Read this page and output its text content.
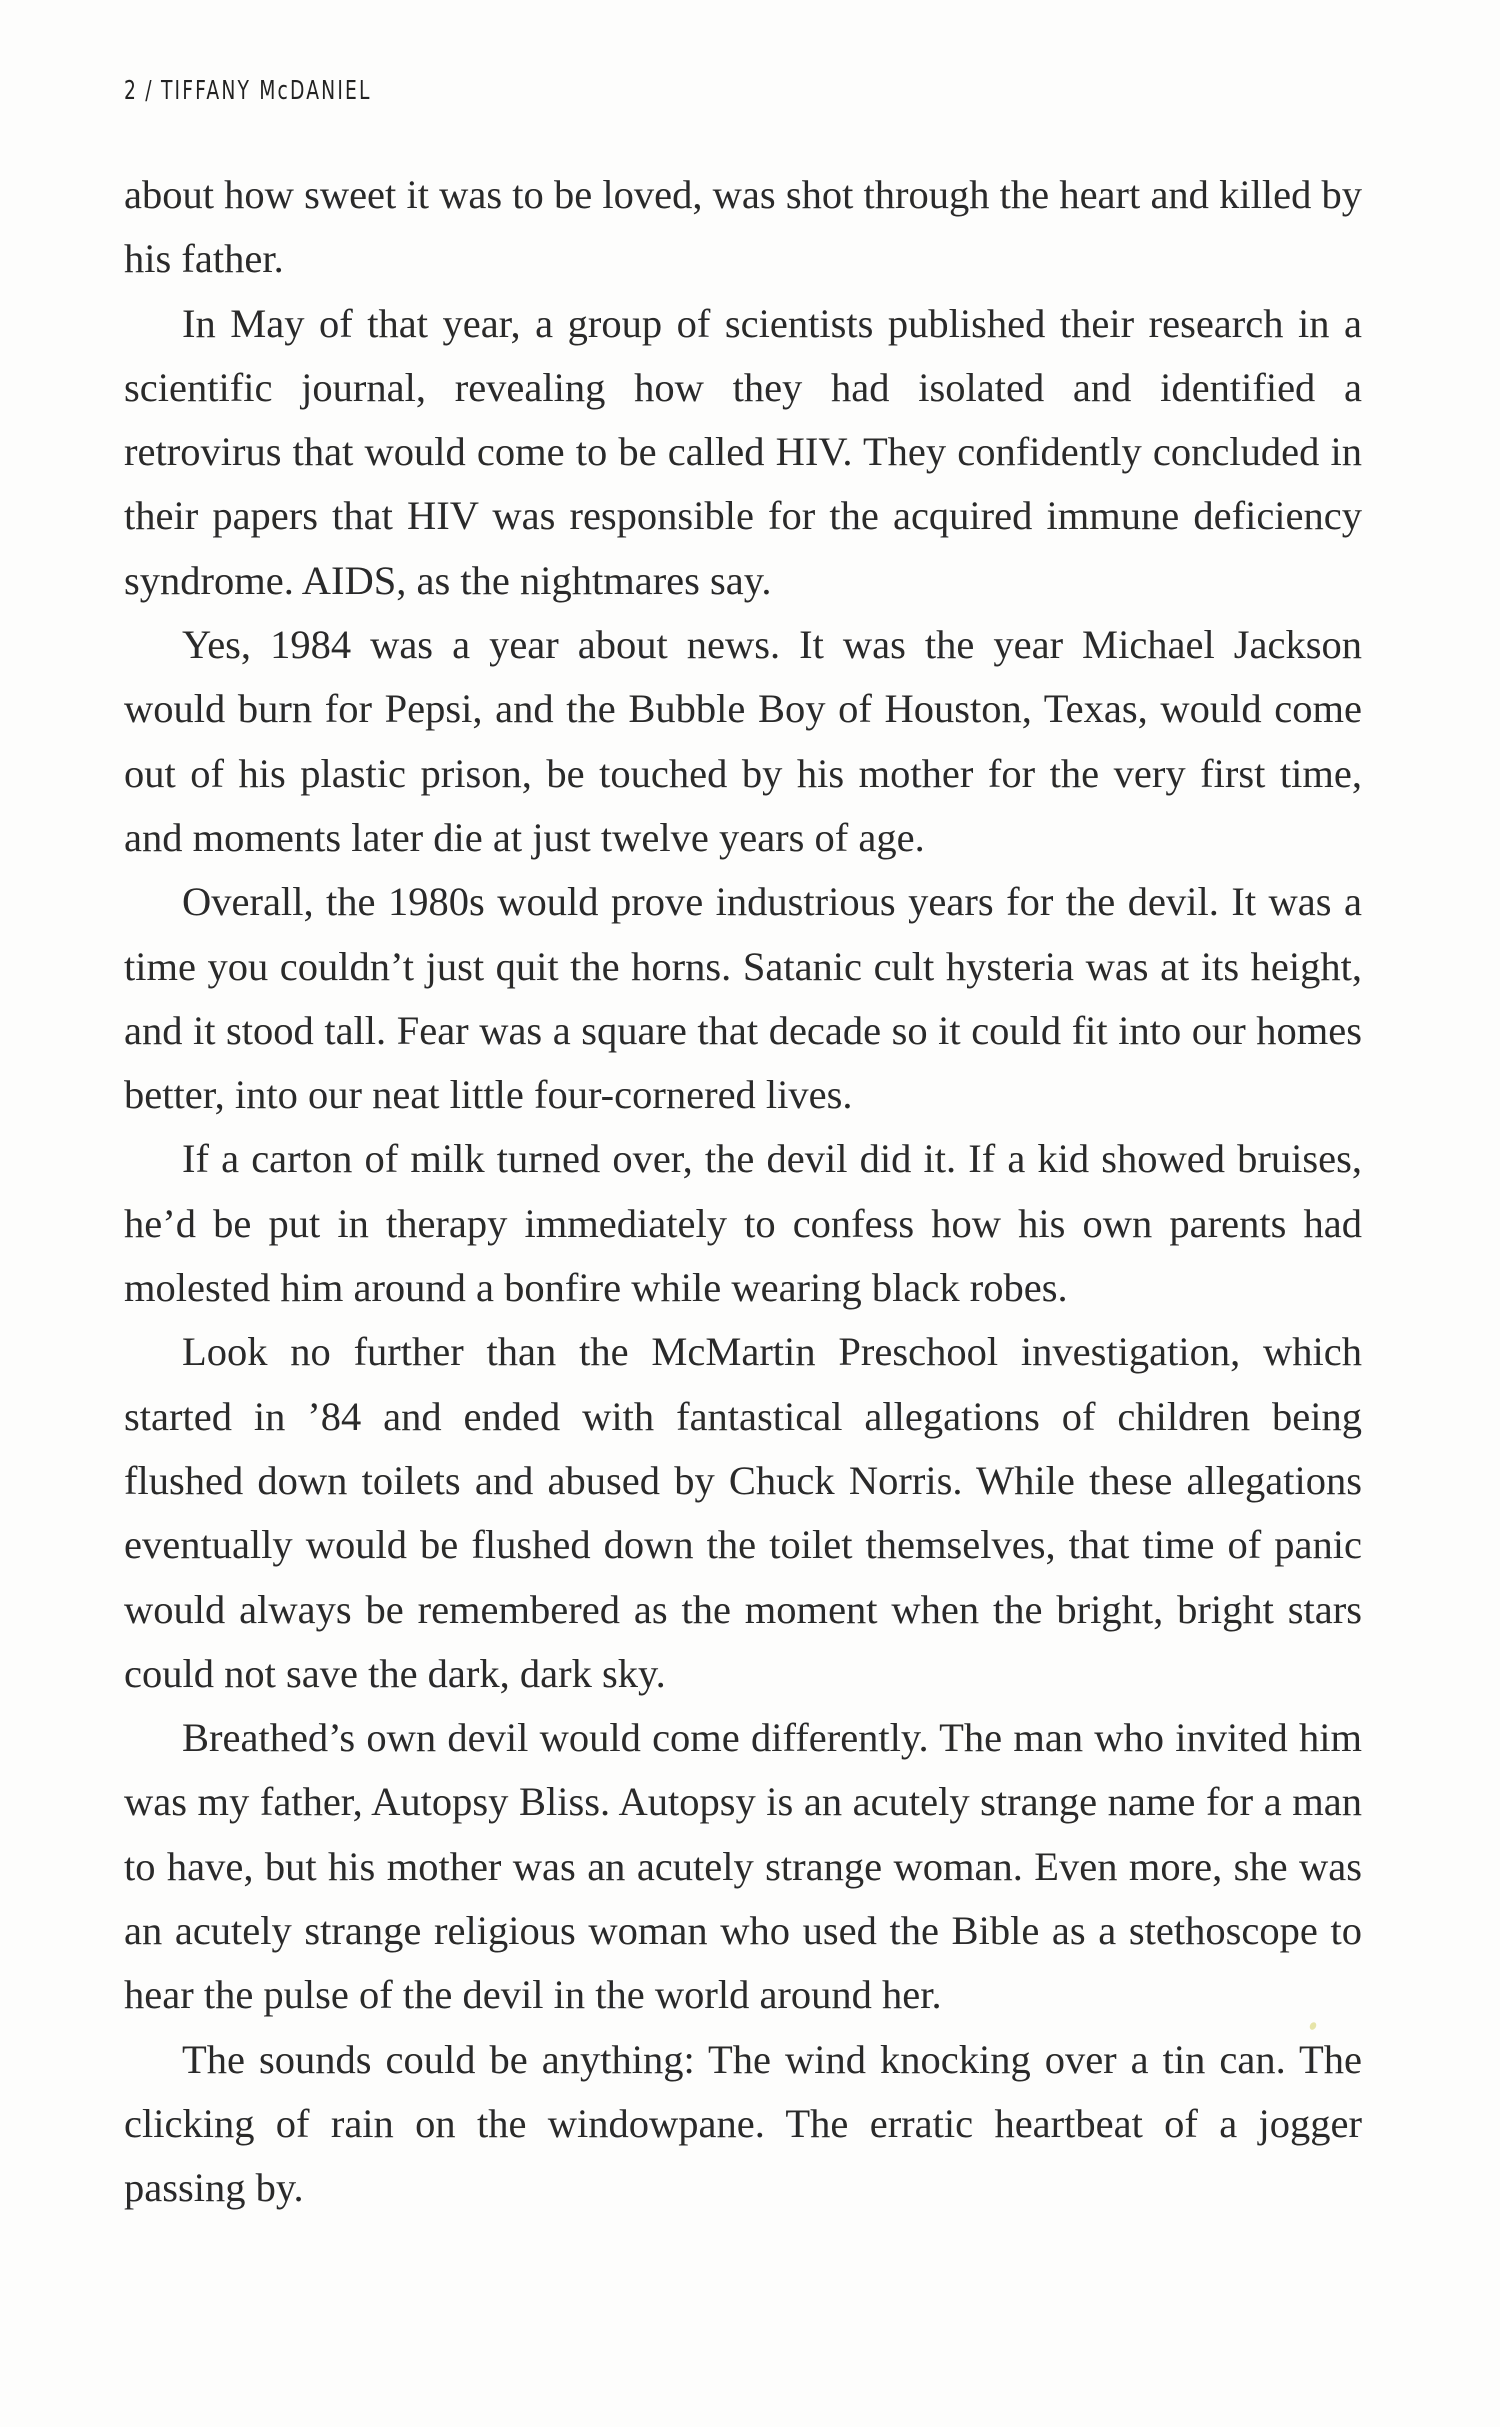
2 / TIFFANY McDANIEL

about how sweet it was to be loved, was shot through the heart and killed by his father.

In May of that year, a group of scientists published their research in a scientific journal, revealing how they had isolated and identified a retrovirus that would come to be called HIV. They confidently concluded in their papers that HIV was responsible for the acquired immune deficiency syndrome. AIDS, as the nightmares say.

Yes, 1984 was a year about news. It was the year Michael Jackson would burn for Pepsi, and the Bubble Boy of Houston, Texas, would come out of his plastic prison, be touched by his mother for the very first time, and moments later die at just twelve years of age.

Overall, the 1980s would prove industrious years for the devil. It was a time you couldn’t just quit the horns. Satanic cult hysteria was at its height, and it stood tall. Fear was a square that decade so it could fit into our homes better, into our neat little four-cornered lives.

If a carton of milk turned over, the devil did it. If a kid showed bruises, he’d be put in therapy immediately to confess how his own parents had molested him around a bonfire while wearing black robes.

Look no further than the McMartin Preschool investigation, which started in ’84 and ended with fantastical allegations of children being flushed down toilets and abused by Chuck Norris. While these allegations eventually would be flushed down the toilet themselves, that time of panic would always be remembered as the moment when the bright, bright stars could not save the dark, dark sky.

Breathed’s own devil would come differently. The man who invited him was my father, Autopsy Bliss. Autopsy is an acutely strange name for a man to have, but his mother was an acutely strange woman. Even more, she was an acutely strange religious woman who used the Bible as a stethoscope to hear the pulse of the devil in the world around her.

The sounds could be anything: The wind knocking over a tin can. The clicking of rain on the windowpane. The erratic heartbeat of a jogger passing by.
